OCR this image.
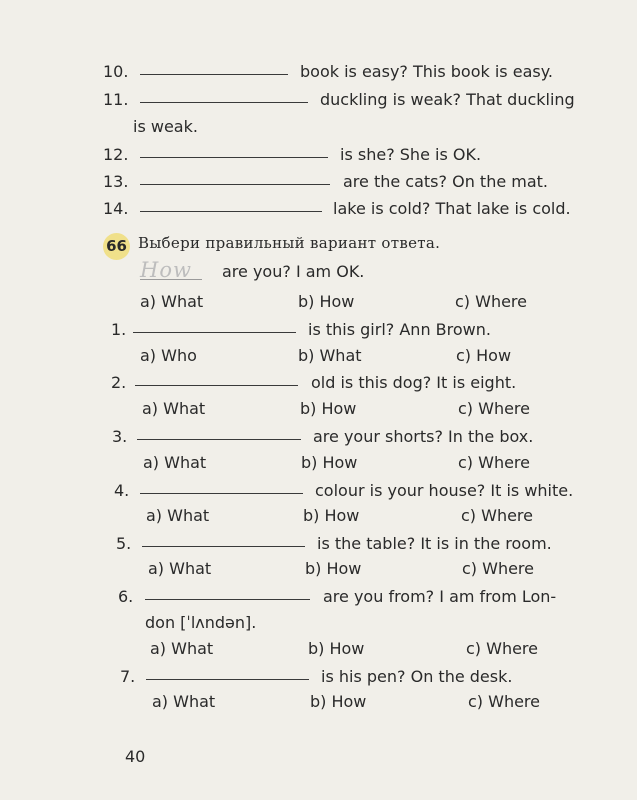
10.	book is easy? This book is easy.
11.	duckling is weak? That duckling
is weak.
12.	is she? She is OK.
13.	are the cats? On the mat.
14.	lake is cold? That lake is cold.
66 Выбери правильный вариант ответа.
How are you? I am OK.
a) What	b) How	c) Where
1.	is this girl? Ann Brown.
a) Who	b) What	c) How
2.	old is this dog? It is eight.
a) What	b) How	c) Where
3.	are your shorts? In the box.
a) What	b) How	c) Where
4.	colour is your house? It is white.
a) What	b) How	c) Where
5.	is the table? It is in the room.
a) What	b) How	c) Where
6.	are you from? I am from Lon-
don [ˈlʌndən].
a) What	b) How	c) Where
7.	is his pen? On the desk.
a) What	b) How	c) Where
40
